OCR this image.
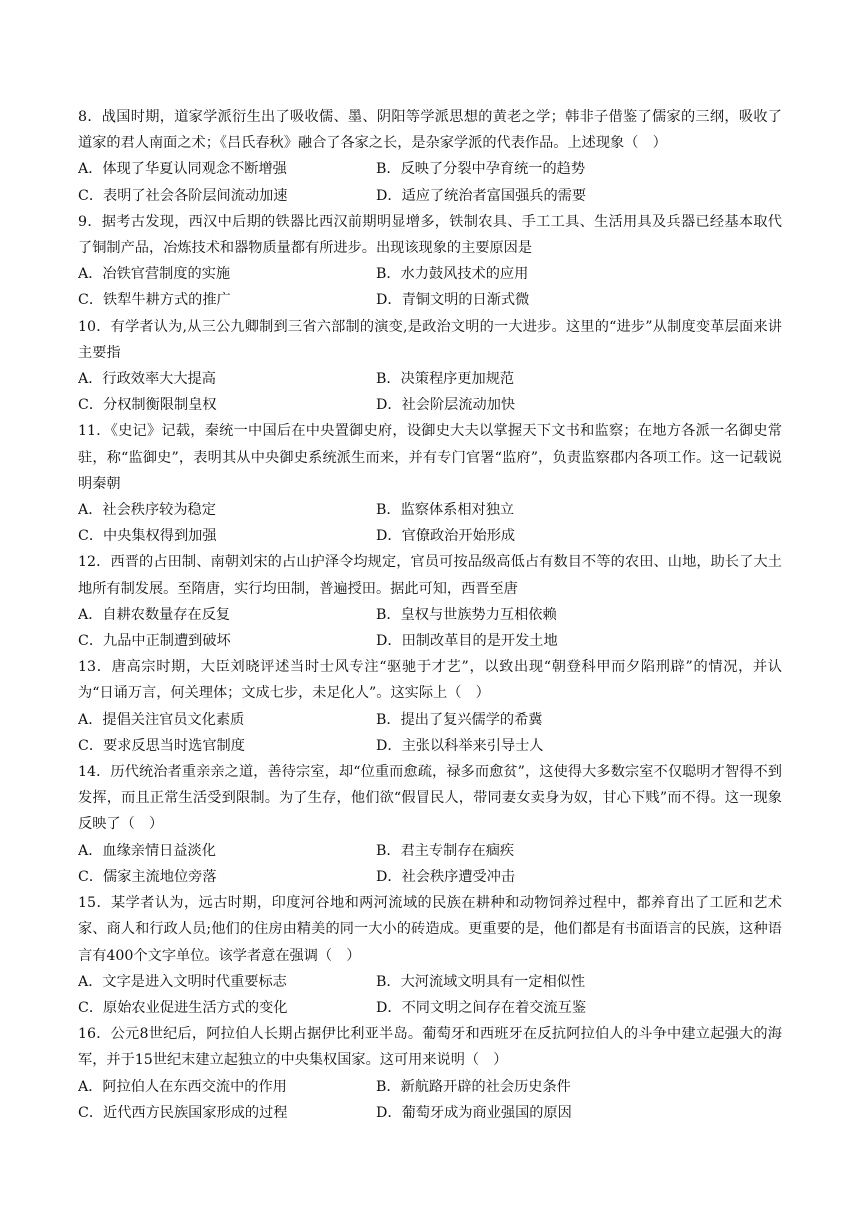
8．战国时期，道家学派衍生出了吸收儒、墨、阴阳等学派思想的黄老之学；韩非子借鉴了儒家的三纲，吸收了道家的君人南面之术；《吕氏春秋》融合了各家之长，是杂家学派的代表作品。上述现象（　）

A．体现了华夏认同观念不断增强	B．反映了分裂中孕育统一的趋势
C．表明了社会各阶层间流动加速	D．适应了统治者富国强兵的需要

9．据考古发现，西汉中后期的铁器比西汉前期明显增多，铁制农具、手工工具、生活用具及兵器已经基本取代了铜制产品，冶炼技术和器物质量都有所进步。出现该现象的主要原因是

A．冶铁官营制度的实施	B．水力鼓风技术的应用
C．铁犁牛耕方式的推广	D．青铜文明的日渐式微

10．有学者认为,从三公九卿制到三省六部制的演变,是政治文明的一大进步。这里的“进步”从制度变革层面来讲主要指

A．行政效率大大提高	B．决策程序更加规范
C．分权制衡限制皇权	D．社会阶层流动加快

11．《史记》记载，秦统一中国后在中央置御史府，设御史大夫以掌握天下文书和监察；在地方各派一名御史常驻，称“监御史”，表明其从中央御史系统派生而来，并有专门官署“监府”，负责监察郡内各项工作。这一记载说明秦朝

A．社会秩序较为稳定	B．监察体系相对独立
C．中央集权得到加强	D．官僚政治开始形成

12．西晋的占田制、南朝刘宋的占山护泽令均规定，官员可按品级高低占有数目不等的农田、山地，助长了大土地所有制发展。至隋唐，实行均田制，普遍授田。据此可知，西晋至唐

A．自耕农数量存在反复	B．皇权与世族势力互相依赖
C．九品中正制遭到破坏	D．田制改革目的是开发土地

13．唐高宗时期，大臣刘晓评述当时士风专注“驱驰于才艺”，以致出现“朝登科甲而夕陷刑辟”的情况，并认为“日诵万言，何关理体；文成七步，未足化人”。这实际上（　）

A．提倡关注官员文化素质	B．提出了复兴儒学的希冀
C．要求反思当时选官制度	D．主张以科举来引导士人

14．历代统治者重亲亲之道，善待宗室，却“位重而愈疏，禄多而愈贫”，这使得大多数宗室不仅聪明才智得不到发挥，而且正常生活受到限制。为了生存，他们欲“假冒民人，带同妻女卖身为奴，甘心下贱”而不得。这一现象反映了（　）

A．血缘亲情日益淡化	B．君主专制存在痼疾
C．儒家主流地位旁落	D．社会秩序遭受冲击

15．某学者认为，远古时期，印度河谷地和两河流域的民族在耕种和动物饲养过程中，都养育出了工匠和艺术家、商人和行政人员;他们的住房由精美的同一大小的砖造成。更重要的是，他们都是有书面语言的民族，这种语言有400个文字单位。该学者意在强调（　）

A．文字是进入文明时代重要标志	B．大河流域文明具有一定相似性
C．原始农业促进生活方式的变化	D．不同文明之间存在着交流互鉴

16．公元8世纪后，阿拉伯人长期占据伊比利亚半岛。葡萄牙和西班牙在反抗阿拉伯人的斗争中建立起强大的海军，并于15世纪末建立起独立的中央集权国家。这可用来说明（　）

A．阿拉伯人在东西交流中的作用	B．新航路开辟的社会历史条件
C．近代西方民族国家形成的过程	D．葡萄牙成为商业强国的原因
